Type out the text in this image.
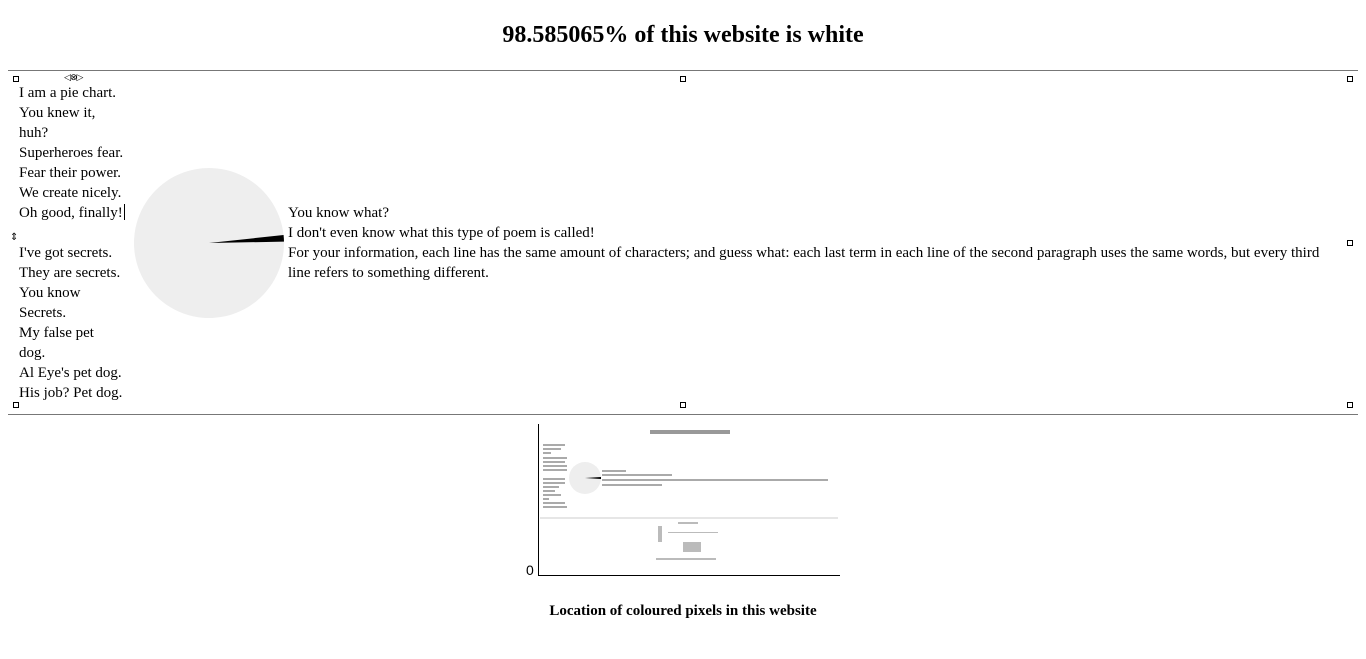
98.585065% of this website is white
◁⊗▷
⇕
I am a pie chart.
You knew it,
huh?
Superheroes fear.
Fear their power.
We create nicely.
Oh good, finally!
I've got secrets.
They are secrets.
You know
Secrets.
My false pet
dog.
Al Eye's pet dog.
His job? Pet dog.
You know what?
I don't even know what this type of poem is called!
For your information, each line has the same amount of characters; and guess what: each last term in each line of the second paragraph uses the same words, but every third line refers to something different.
0

Location of coloured pixels in this website
